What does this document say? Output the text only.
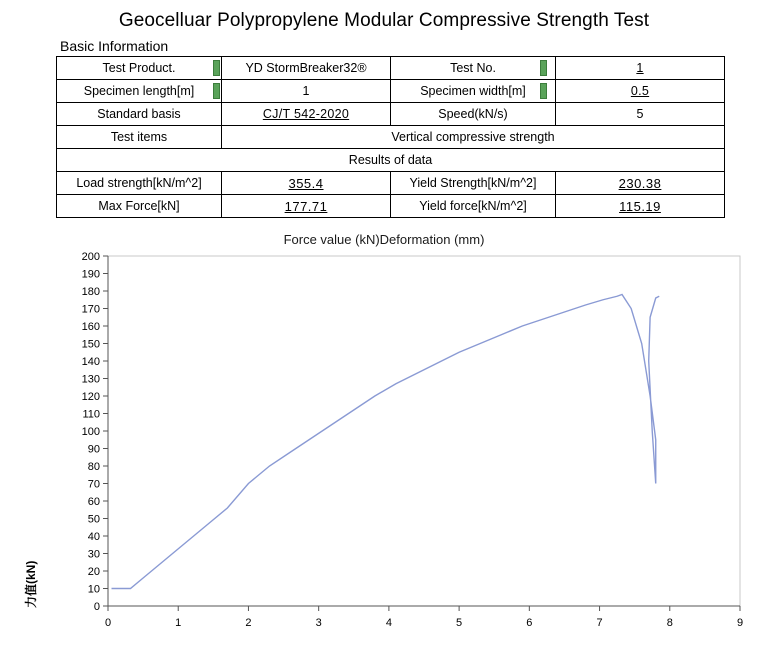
Geocelluar Polypropylene Modular Compressive Strength Test
Basic Information
Test Product.	YD StormBreaker32®	Test No.	1
Specimen length[m]	1	Specimen width[m]	0.5
Standard basis	CJ/T 542-2020	Speed(kN/s)	5
Test items	Vertical compressive strength		
Results of data			
Load strength[kN/m^2]	355.4	Yield Strength[kN/m^2]	230.38
Max Force[kN]	177.71	Yield force[kN/m^2]	115.19
Force value (kN)Deformation (mm)
力值(kN)	0
10
20
30
40
50
60
70
80
90
100
110
120
130
140
150
160
170
180
190
200
0	1	2	3	4	5	6	7	8	9
